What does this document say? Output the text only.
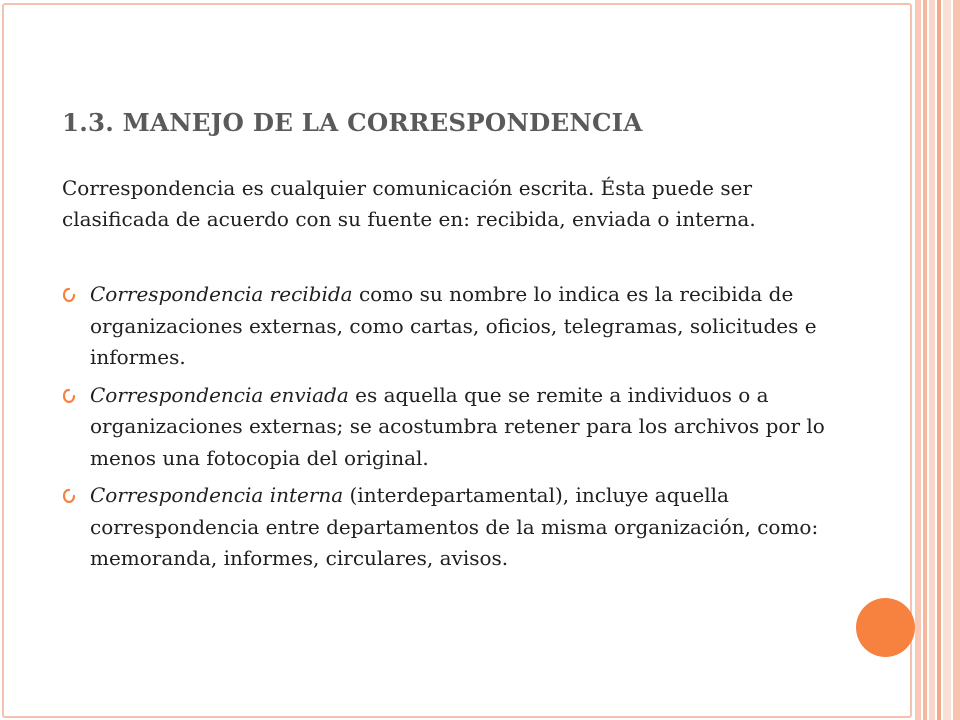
1.3. MANEJO DE LA CORRESPONDENCIA

Correspondencia es cualquier comunicación escrita. Ésta puede ser clasificada de acuerdo con su fuente en: recibida, enviada o interna.

Correspondencia recibida como su nombre lo indica es la recibida de organizaciones externas, como cartas, oficios, telegramas, solicitudes e informes.
Correspondencia enviada es aquella que se remite a individuos o a organizaciones externas; se acostumbra retener para los archivos por lo menos una fotocopia del original.
Correspondencia interna (interdepartamental), incluye aquella correspondencia entre departamentos de la misma organización, como: memoranda, informes, circulares, avisos.
